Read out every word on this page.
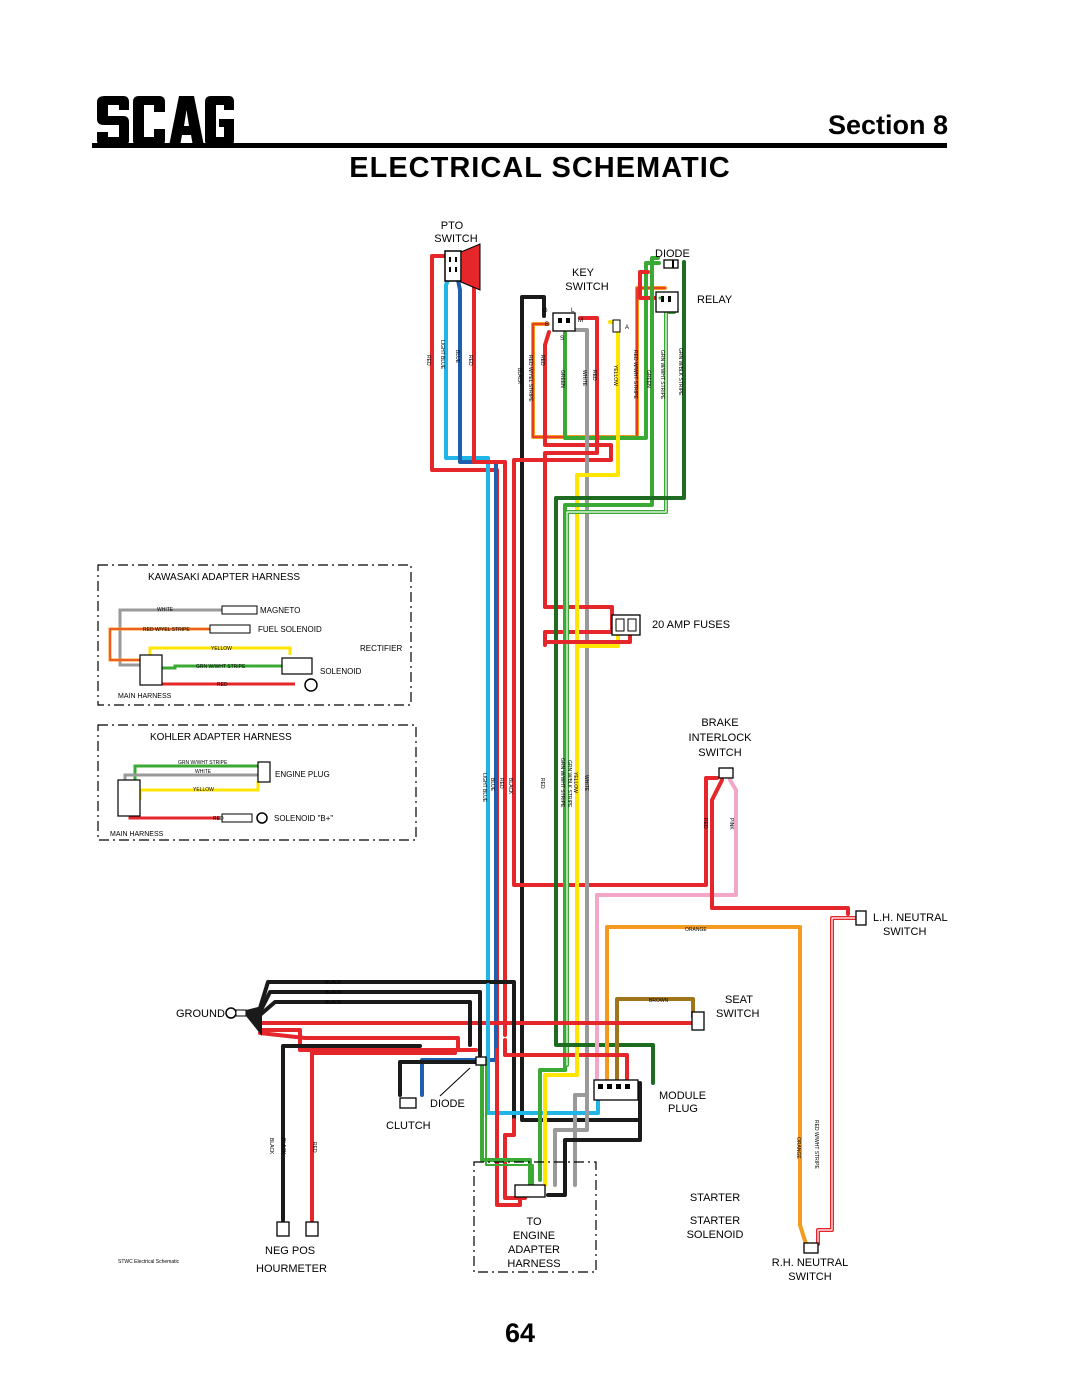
Section 8
ELECTRICAL SCHEMATIC
PTO
SWITCH
KEY
SWITCH
G
B
L
M
S
A
DIODE
RELAY
20 AMP FUSES
BRAKE
INTERLOCK
SWITCH
L.H. NEUTRAL
SWITCH
SEAT
SWITCH
GROUND
MODULE
PLUG
DIODE
CLUTCH
NEG POS
HOURMETER
STWC Electrical Schematic
TO
ENGINE
ADAPTER
HARNESS
STARTER
STARTER
SOLENOID
R.H. NEUTRAL
SWITCH
KAWASAKI ADAPTER HARNESS
MAGNETO
FUEL SOLENOID
RECTIFIER
SOLENOID
MAIN HARNESS
WHITE
RED W/YEL STRIPE
YELLOW
GRN W/WHT STRIPE
RED
KOHLER ADAPTER HARNESS
ENGINE PLUG
SOLENOID "B+"
MAIN HARNESS
GRN W/WHT STRIPE
WHITE
YELLOW
RED
RED LIGHT BLUE BLUE RED	RED W/YEL STRIPE
BLACK
RED
GREEN	WHITE RED	YELLOW	RED W/WHT STRIPE GREEN GRN W/WHT STRIPE GRN W/BLK STRIPE
LIGHT BLUE BLUE RED BLACK	RED	GRN W/WHT STRIPE GRN W/BLK STRIPE YELLOW WHITE
RED	PINK
ORANGE
BROWN
BLACK
BLACK
BLACK
BLACK BLACK	RED	ORANGE RED W/WHT STRIPE
64
